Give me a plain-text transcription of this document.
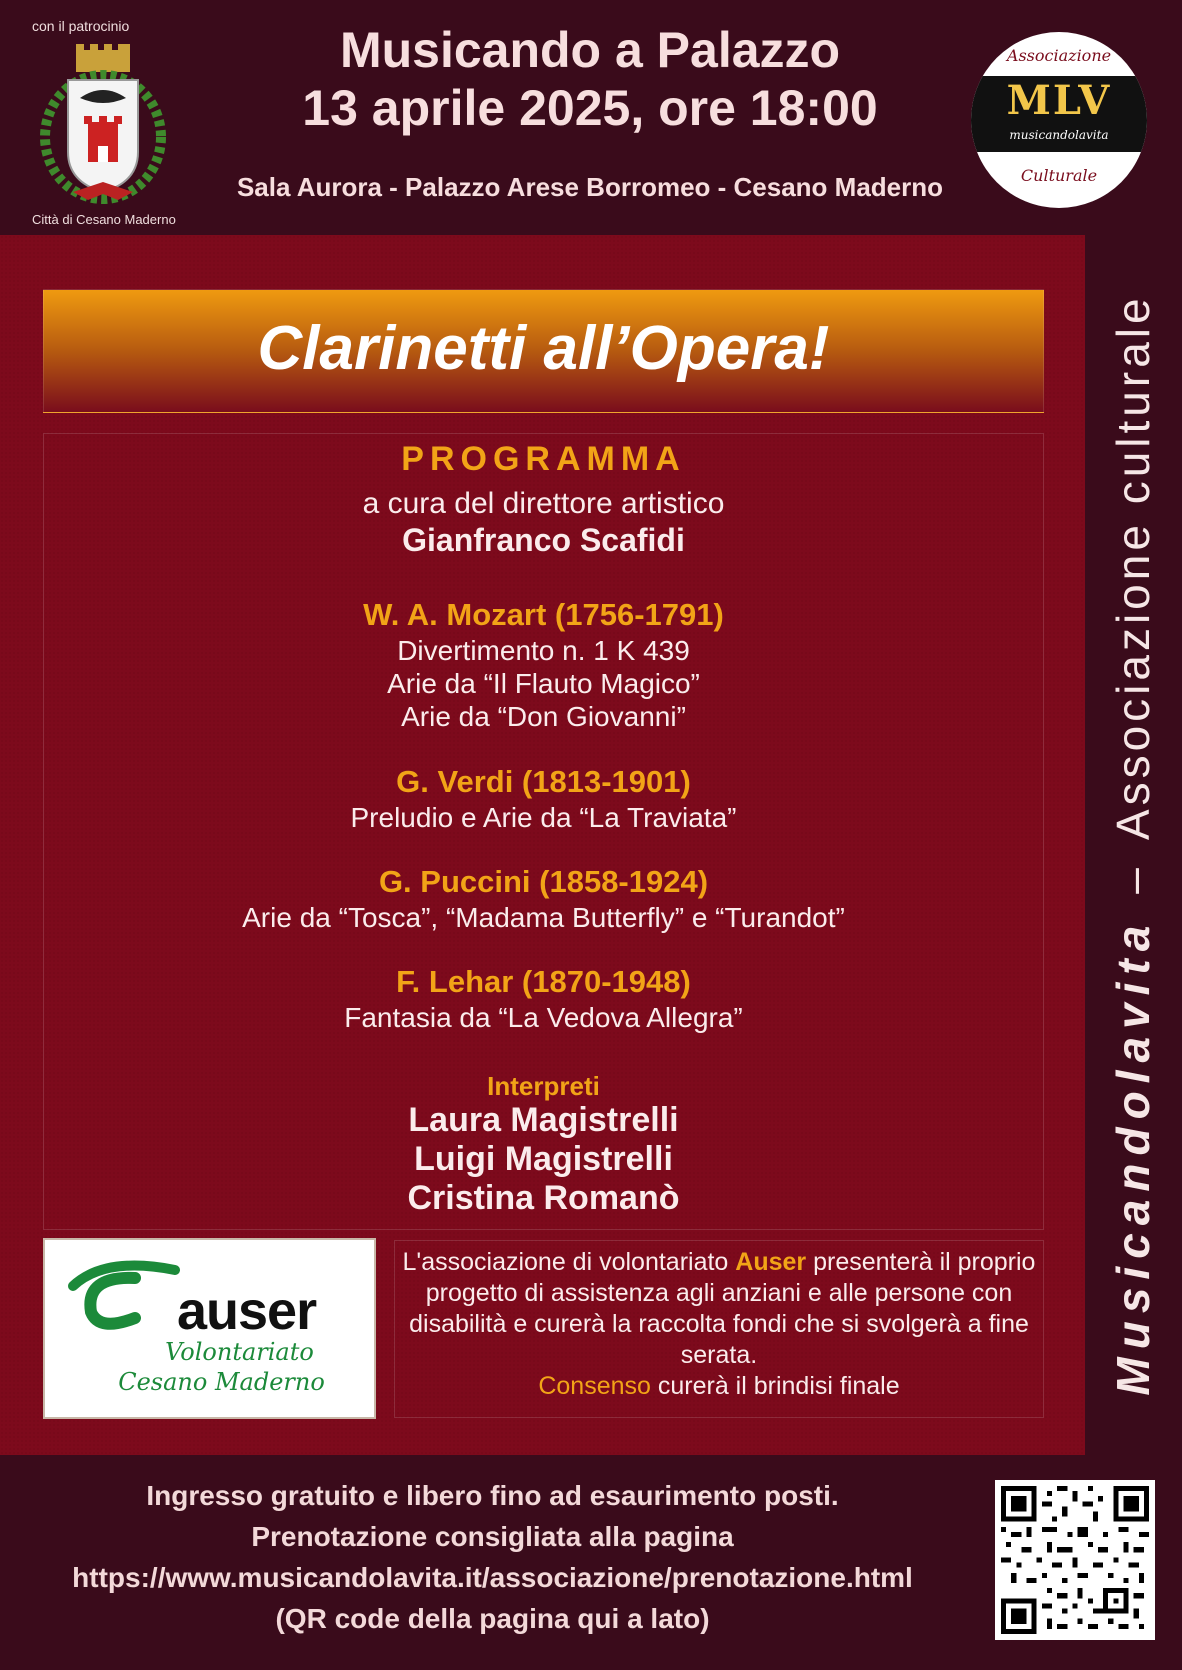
con il patrocinio
Città di Cesano Maderno
Musicando a Palazzo
13 aprile 2025, ore 18:00
Sala Aurora - Palazzo Arese Borromeo - Cesano Maderno
Associazione
MLV
musicandolavita
Culturale
Musicandolavita–Associazione culturale
Clarinetti all’Opera!
PROGRAMMA
a cura del direttore artistico
Gianfranco Scafidi
W. A. Mozart (1756-1791)
Divertimento n. 1 K 439
Arie da “Il Flauto Magico”
Arie da “Don Giovanni”
G. Verdi (1813-1901)
Preludio e Arie da “La Traviata”
G. Puccini (1858-1924)
Arie da “Tosca”, “Madama Butterfly” e “Turandot”
F. Lehar (1870-1948)
Fantasia da “La Vedova Allegra”
Interpreti
Laura Magistrelli
Luigi Magistrelli
Cristina Romanò
auser
Volontariato
Cesano Maderno
L'associazione di volontariato Auser presenterà il proprio progetto di assistenza agli anziani e alle persone con disabilità e curerà la raccolta fondi che si svolgerà a fine serata.
Consenso curerà il brindisi finale
Ingresso gratuito e libero fino ad esaurimento posti.
Prenotazione consigliata alla pagina
https://www.musicandolavita.it/associazione/prenotazione.html
(QR code della pagina qui a lato)
